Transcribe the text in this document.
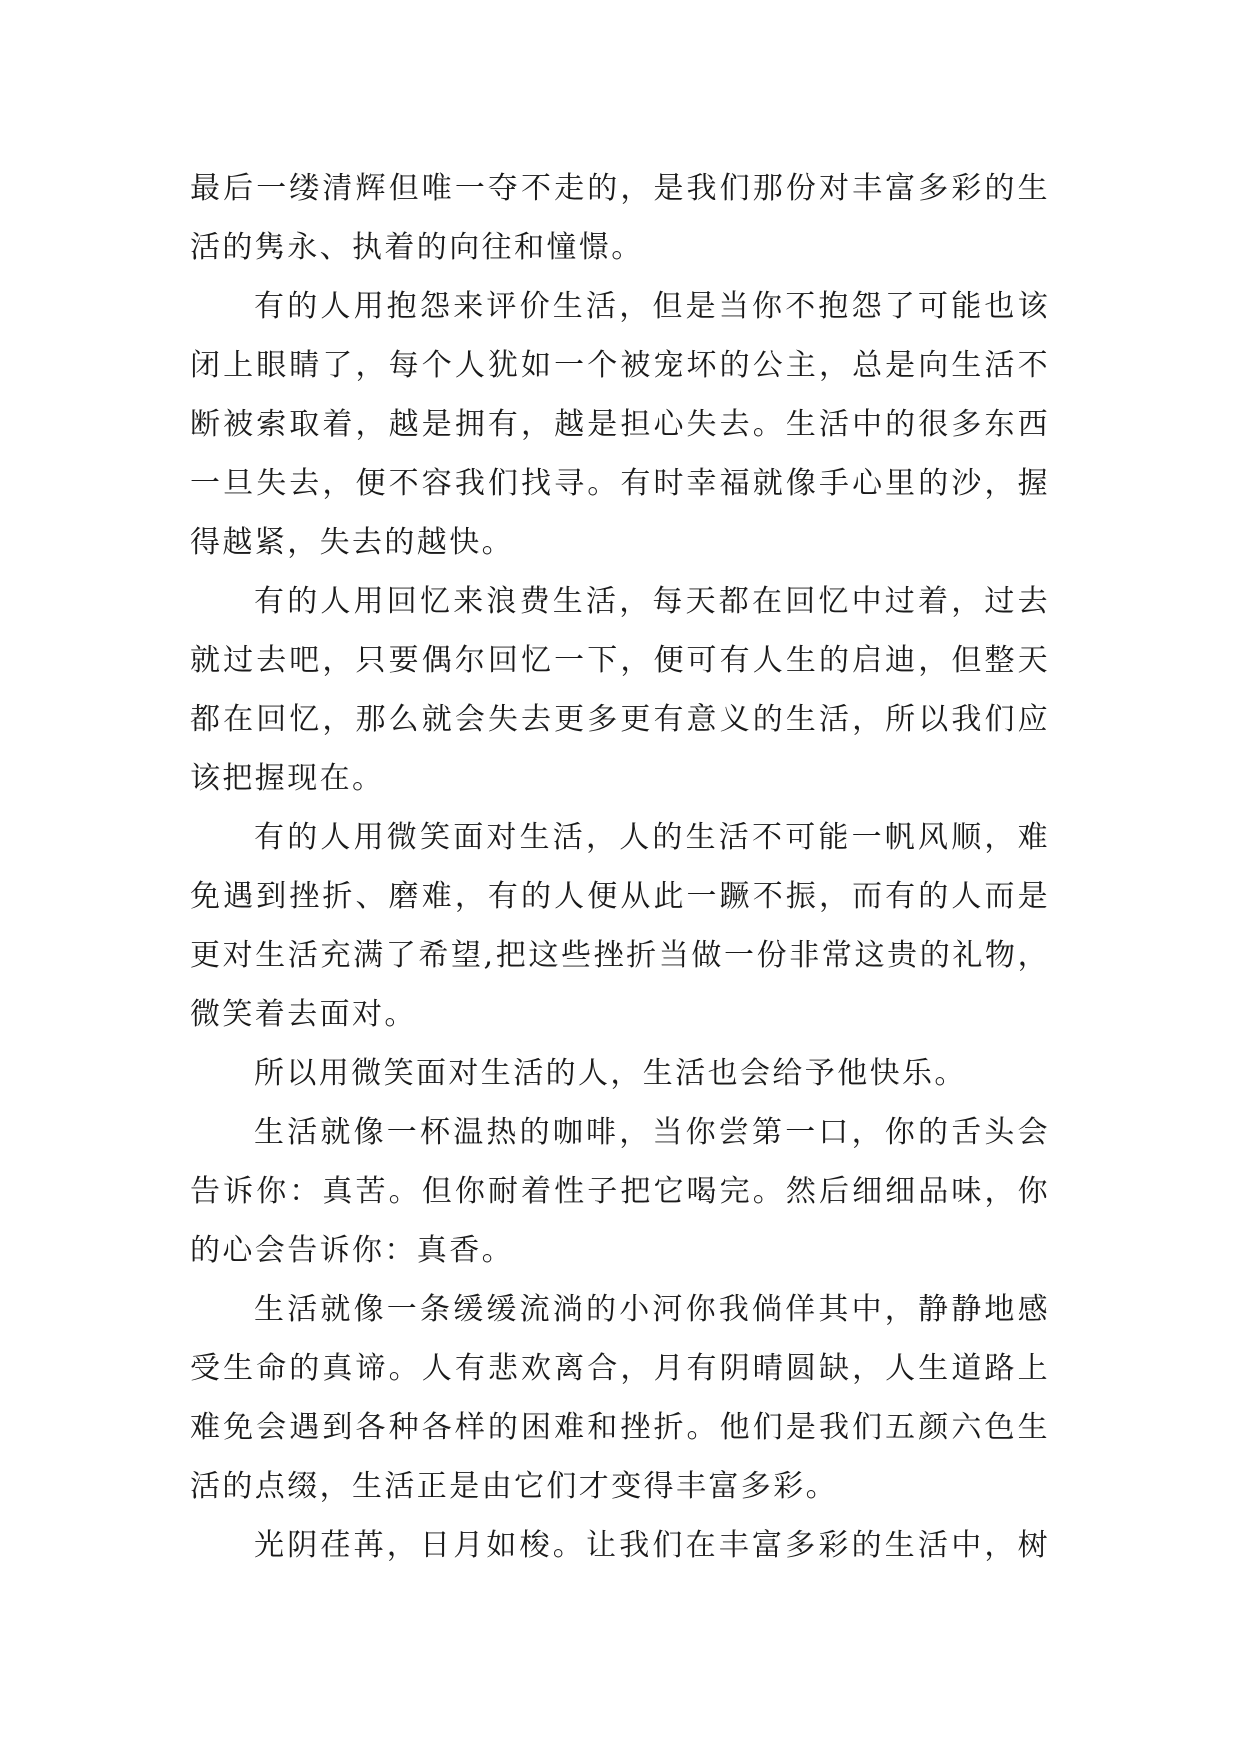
最后一缕清辉但唯一夺不走的，是我们那份对丰富多彩的生
活的隽永、执着的向往和憧憬。
有的人用抱怨来评价生活，但是当你不抱怨了可能也该
闭上眼睛了，每个人犹如一个被宠坏的公主，总是向生活不
断被索取着，越是拥有，越是担心失去。生活中的很多东西
一旦失去，便不容我们找寻。有时幸福就像手心里的沙，握
得越紧，失去的越快。
有的人用回忆来浪费生活，每天都在回忆中过着，过去
就过去吧，只要偶尔回忆一下，便可有人生的启迪，但整天
都在回忆，那么就会失去更多更有意义的生活，所以我们应
该把握现在。
有的人用微笑面对生活，人的生活不可能一帆风顺，难
免遇到挫折、磨难，有的人便从此一蹶不振，而有的人而是
更对生活充满了希望,把这些挫折当做一份非常这贵的礼物，
微笑着去面对。
所以用微笑面对生活的人，生活也会给予他快乐。
生活就像一杯温热的咖啡，当你尝第一口，你的舌头会
告诉你：真苦。但你耐着性子把它喝完。然后细细品味，你
的心会告诉你：真香。
生活就像一条缓缓流淌的小河你我倘佯其中，静静地感
受生命的真谛。人有悲欢离合，月有阴晴圆缺，人生道路上
难免会遇到各种各样的困难和挫折。他们是我们五颜六色生
活的点缀，生活正是由它们才变得丰富多彩。
光阴荏苒，日月如梭。让我们在丰富多彩的生活中，树
